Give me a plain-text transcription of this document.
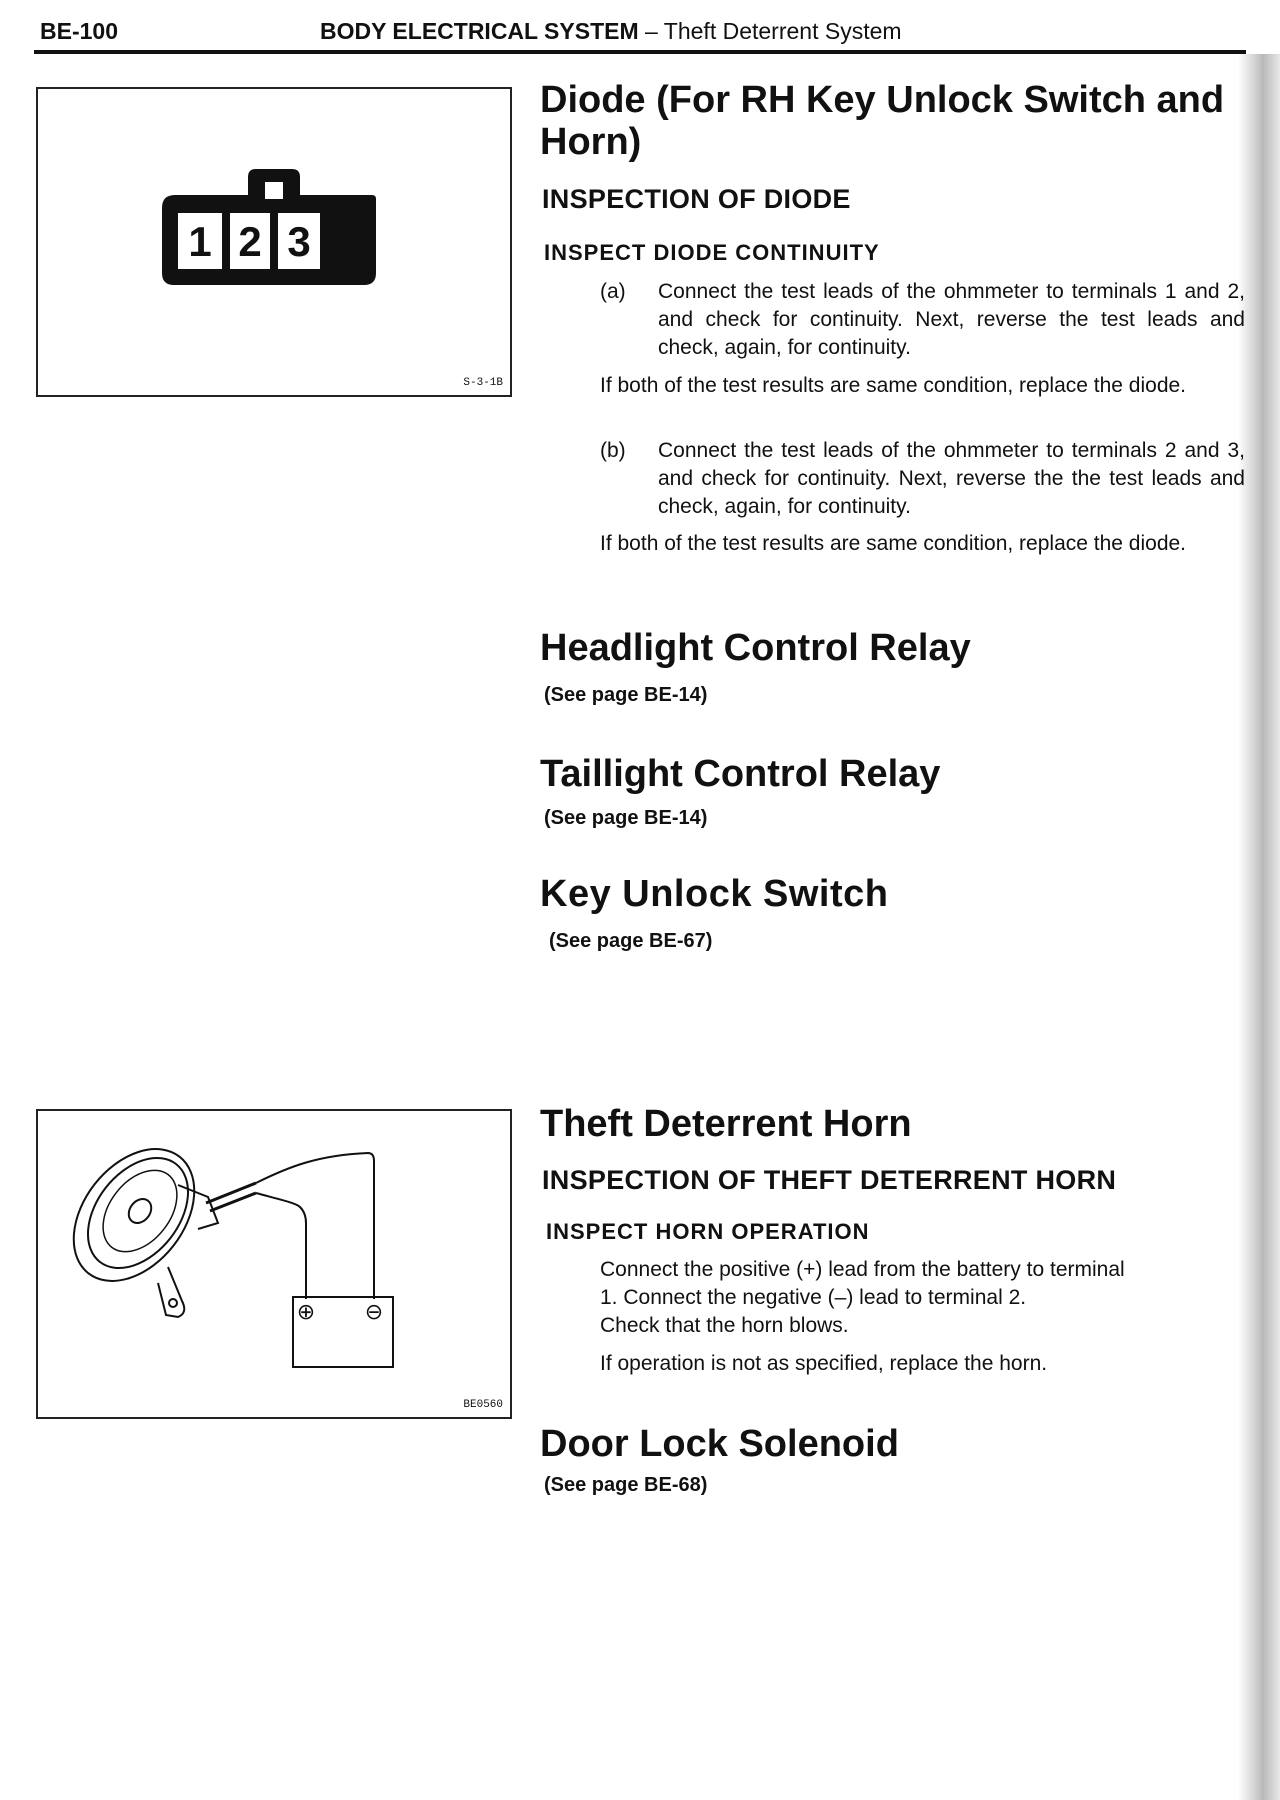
BE-100	BODY ELECTRICAL SYSTEM – Theft Deterrent System
1 2 3
S-3-1B
Diode (For RH Key Unlock Switch and Horn)
INSPECTION OF DIODE
INSPECT DIODE CONTINUITY
(a)	Connect the test leads of the ohmmeter to terminals 1 and 2, and check for continuity. Next, reverse the test leads and check, again, for continuity.
If both of the test results are same condition, replace the diode.
(b)	Connect the test leads of the ohmmeter to terminals 2 and 3, and check for continuity. Next, reverse the the test leads and check, again, for continuity.
If both of the test results are same condition, replace the diode.
Headlight Control Relay
(See page BE-14)
Taillight Control Relay
(See page BE-14)
Key Unlock Switch
(See page BE-67)
⊕ ⊖
BE0560
Theft Deterrent Horn
INSPECTION OF THEFT DETERRENT HORN
INSPECT HORN OPERATION
Connect the positive (+) lead from the battery to terminal
1. Connect the negative (–) lead to terminal 2.
Check that the horn blows.
If operation is not as specified, replace the horn.
Door Lock Solenoid
(See page BE-68)
